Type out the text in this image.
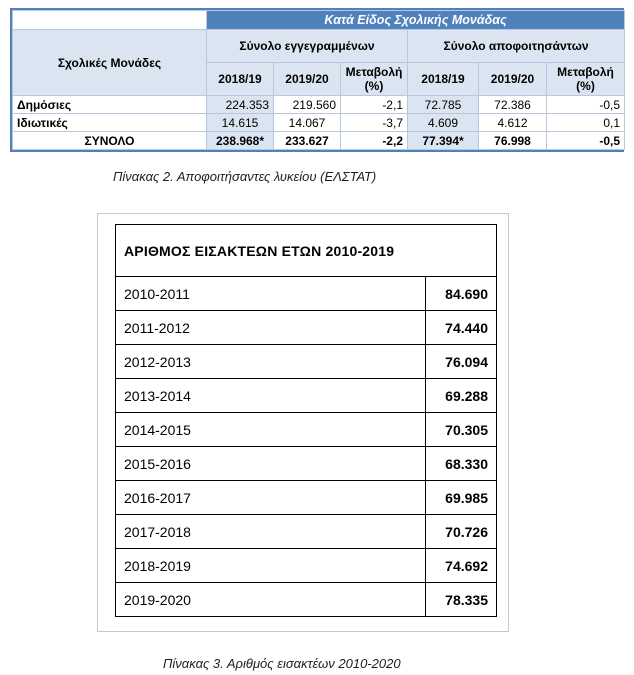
	Κατά Είδος Σχολικής Μονάδας					
Σχολικές Μονάδες	Σύνολο εγγεγραμμένων			Σύνολο αποφοιτησάντων		
	2018/19	2019/20	Μεταβολή (%)	2018/19	2019/20	Μεταβολή (%)
Δημόσιες	224.353	219.560	-2,1	72.785	72.386	-0,5
Ιδιωτικές	14.615	14.067	-3,7	4.609	4.612	0,1
ΣΥΝΟΛΟ	238.968*	233.627	-2,2	77.394*	76.998	-0,5
Πίνακας 2. Αποφοιτήσαντες λυκείου (ΕΛΣΤΑΤ)
ΑΡΙΘΜΟΣ ΕΙΣΑΚΤΕΩΝ ΕΤΩΝ 2010-2019	
2010-2011	84.690
2011-2012	74.440
2012-2013	76.094
2013-2014	69.288
2014-2015	70.305
2015-2016	68.330
2016-2017	69.985
2017-2018	70.726
2018-2019	74.692
2019-2020	78.335
Πίνακας 3. Αριθμός εισακτέων 2010-2020
